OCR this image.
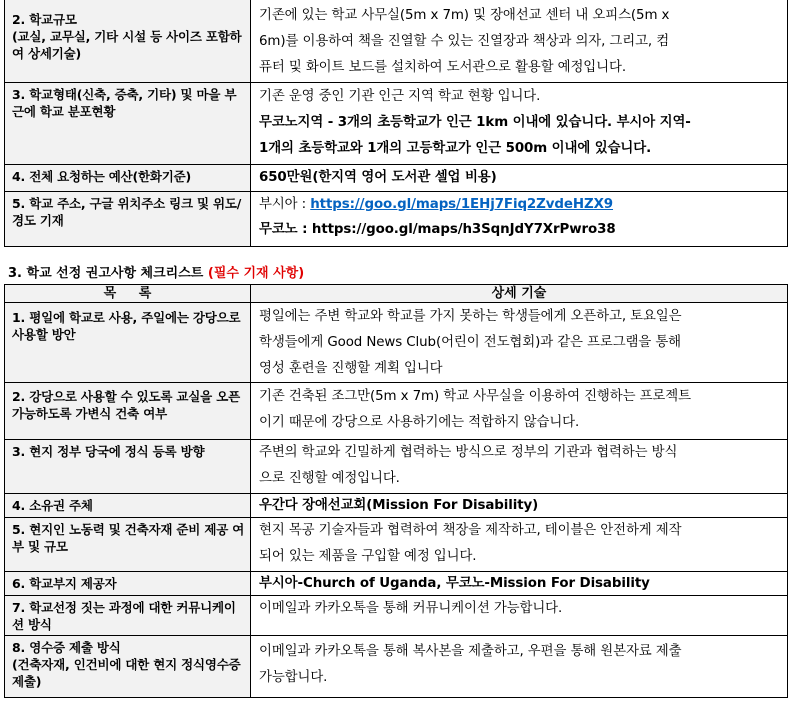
2. 학교규모
(교실, 교무실, 기타 시설 등 사이즈 포함하여 상세기술)	기존에 있는 학교 사무실(5m x 7m) 및 장애선교 센터 내 오피스(5m x
6m)를 이용하여 책을 진열할 수 있는 진열장과 책상과 의자, 그리고, 컴
퓨터 및 화이트 보드를 설치하여 도서관으로 활용할 예정입니다.

3. 학교형태(신축, 증축, 기타) 및 마을 부근에 학교 분포현황	기존 운영 중인 기관 인근 지역 학교 현황 입니다.
무코노지역 - 3개의 초등학교가 인근 1km 이내에 있습니다. 부시아 지역-
1개의 초등학교와 1개의 고등학교가 인근 500m 이내에 있습니다.

4. 전체 요청하는 예산(한화기준)	650만원(한지역 영어 도서관 셀업 비용)

5. 학교 주소, 구글 위치주소 링크 및 위도/경도 기재	부시아 : https://goo.gl/maps/1EHj7Fiq2ZvdeHZX9
무코노 : https://goo.gl/maps/h3SqnJdY7XrPwro38
3. 학교 선정 권고사항 체크리스트 (필수 기재 사항)
목     록	상세 기술

1. 평일에 학교로 사용, 주일에는 강당으로 사용할 방안	평일에는 주변 학교와 학교를 가지 못하는 학생들에게 오픈하고, 토요일은
학생들에게 Good News Club(어린이 전도협회)과 같은 프로그램을 통해
영성 훈련을 진행할 계획 입니다

2. 강당으로 사용할 수 있도록 교실을 오픈 가능하도록 가변식 건축 여부	기존 건축된 조그만(5m x 7m) 학교 사무실을 이용하여 진행하는 프로젝트
이기 때문에 강당으로 사용하기에는 적합하지 않습니다.

3. 현지 정부 당국에 정식 등록 방향	주변의 학교와 긴밀하게 협력하는 방식으로 정부의 기관과 협력하는 방식
으로 진행할 예정입니다.

4. 소유권 주체	우간다 장애선교회(Mission For Disability)

5. 현지인 노동력 및 건축자재 준비 제공 여부 및 규모	현지 목공 기술자들과 협력하여 책장을 제작하고, 테이블은 안전하게 제작
되어 있는 제품을 구입할 예정 입니다.

6. 학교부지 제공자	부시아-Church of Uganda, 무코노-Mission For Disability

7. 학교선정 짓는 과정에 대한 커뮤니케이션 방식	이메일과 카카오톡을 통해 커뮤니케이션 가능합니다.

8. 영수증 제출 방식
(건축자재, 인건비에 대한 현지 정식영수증 제출)	이메일과 카카오톡을 통해 복사본을 제출하고, 우편을 통해 원본자료 제출
가능합니다.
